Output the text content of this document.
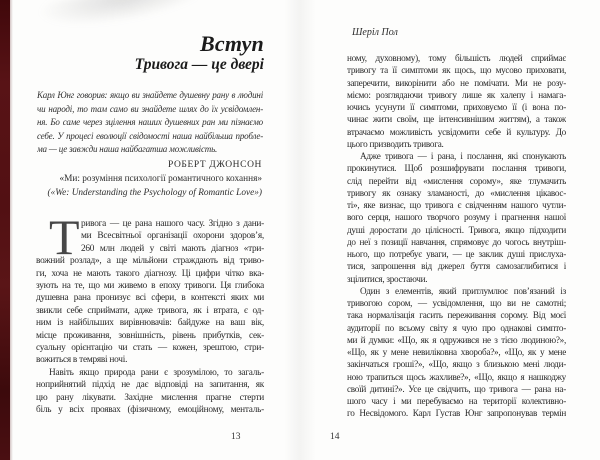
Вступ
Тривога — це двері
Карл Юнг говорив: якщо ви знайдете душевну рану в людині
чи народі, то там само ви знайдете шлях до їх усвідомлен-
ня. Бо саме через зцілення наших душевних ран ми пізнаємо
себе. У процесі еволюції свідомості наша найбільша пробле-
ма — це завжди наша найбагатша можливість.
РОБЕРТ ДЖОНСОН
«Ми: розуміння психології романтичного кохання»
(«We: Understanding the Psychology of Romantic Love»)
Т ривога — це рана нашого часу. Згідно з дани-
ми Всесвітньої організації охорони здоров’я,
260 млн людей у світі мають діагноз «три-
вожний розлад», а ще мільйони страждають від триво-
ги, хоча не мають такого діагнозу. Ці цифри чітко вка-
зують на те, що ми живемо в епоху тривоги. Ця глибока
душевна рана пронизує всі сфери, в контексті яких ми
звикли себе сприймати, адже тривога, як і втрата, є од-
ним із найбільших вирівнювачів: байдуже на ваш вік,
місце проживання, зовнішність, рівень прибутків, сек-
суальну орієнтацію чи стать — кожен, зрештою, стри-
вожиться в темряві ночі.
Навіть якщо природа рани є зрозумілою, то загаль-
ноприйнятий підхід не дає відповіді на запитання, як
цю рану лікувати. Західне мислення прагне стерти
біль у всіх проявах (фізичному, емоційному, менталь-
Шеріл Пол
ному, духовному), тому більшість людей сприймає
тривогу та її симптоми як щось, що мусово приховати,
заперечити, викорінити або не помічати. Ми не розу-
міємо: розглядаючи тривогу лише як халепу і намага-
ючись усунути її симптоми, приховуємо її (і вона по-
чинає жити своїм, ще інтенсивнішим життям), а також
втрачаємо можливість усвідомити себе й культуру. До
цього призводить тривога.
Адже тривога — і рана, і послання, які спонукають
прокинутися. Щоб розшифрувати послання тривоги,
слід перейти від «мислення сорому», яке тлумачить
тривогу як ознаку зламаності, до «мислення цікавос-
ті», яке визнає, що тривога є свідченням нашого чутли-
вого серця, нашого творчого розуму і прагнення нашої
душі доростати до цілісності. Тривога, якщо підходити
до неї з позиції навчання, спрямовує до чогось внутріш-
нього, що потребує уваги, — це заклик душі прислуха-
тися, запрошення від джерел буття самозаглибитися і
зцілитися, зростаючи.
Один з елементів, який притлумлює пов’язаний із
тривогою сором, — усвідомлення, що ви не самотні;
така нормалізація гасить переживання сорому. Від моєї
аудиторії по всьому світу я чую про однакові симпто-
ми й думки: «Що, як я одружився не з тією людиною?»,
«Що, як у мене невиліковна хвороба?», «Що, як у мене
закінчаться гроші?», «Що, якщо з близькою мені люди-
ною трапиться щось жахливе?», «Що, якщо я нашкоджу
своїй дитині?». Усе це свідчить, що тривога — рана на-
шого часу і ми перебуваємо на території колективно-
го Несвідомого. Карл Густав Юнг запропонував термін
13	14
